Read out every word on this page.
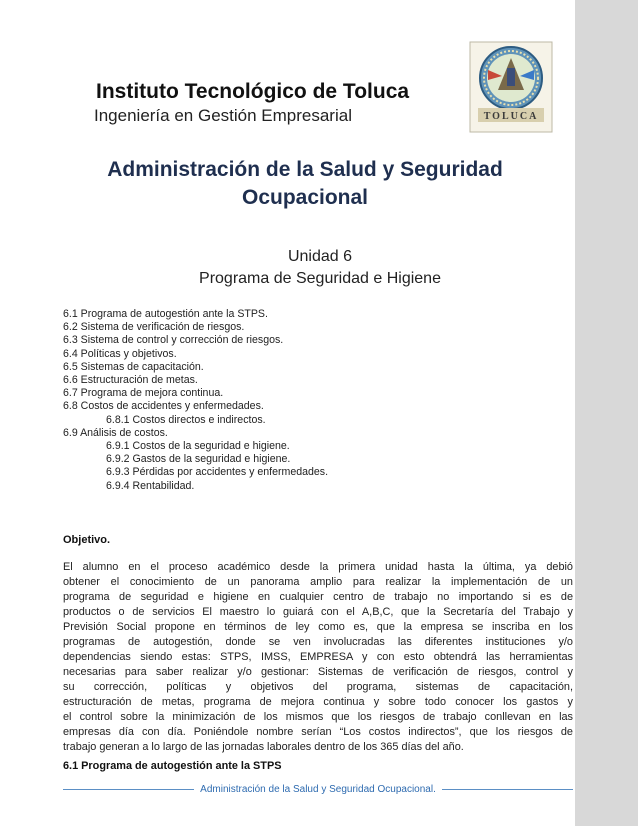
Instituto Tecnológico de Toluca
Ingeniería en Gestión Empresarial	TOLUCA
Administración de la Salud y Seguridad
Ocupacional
Unidad 6
Programa de Seguridad e Higiene
6.1 Programa de autogestión ante la STPS.
6.2 Sistema de verificación de riesgos.
6.3 Sistema de control y corrección de riesgos.
6.4 Políticas y objetivos.
6.5 Sistemas de capacitación.
6.6 Estructuración de metas.
6.7 Programa de mejora continua.
6.8 Costos de accidentes y enfermedades.
6.8.1 Costos directos e indirectos.
6.9 Análisis de costos.
6.9.1 Costos de la seguridad e higiene.
6.9.2 Gastos de la seguridad e higiene.
6.9.3 Pérdidas por accidentes y enfermedades.
6.9.4 Rentabilidad.
Objetivo.
El alumno en el proceso académico desde la primera unidad hasta la última, ya debió
obtener el conocimiento de un panorama amplio para realizar la implementación de un
programa de seguridad e higiene en cualquier centro de trabajo no importando si es de
productos o de servicios El maestro lo guiará con el A,B,C, que la Secretaría del Trabajo y
Previsión Social propone en términos de ley como es, que la empresa se inscriba en los
programas de autogestión, donde se ven involucradas las diferentes instituciones y/o
dependencias siendo estas: STPS, IMSS, EMPRESA y con esto obtendrá las herramientas
necesarias para saber realizar y/o gestionar: Sistemas de verificación de riesgos, control y
su corrección, políticas y objetivos del programa, sistemas de capacitación,
estructuración de metas, programa de mejora continua y sobre todo conocer los gastos y
el control sobre la minimización de los mismos que los riesgos de trabajo conllevan en las
empresas día con día. Poniéndole nombre serían “Los costos indirectos”, que los riesgos de
trabajo generan a lo largo de las jornadas laborales dentro de los 365 días del año.
6.1 Programa de autogestión ante la STPS
Administración de la Salud y Seguridad Ocupacional.
